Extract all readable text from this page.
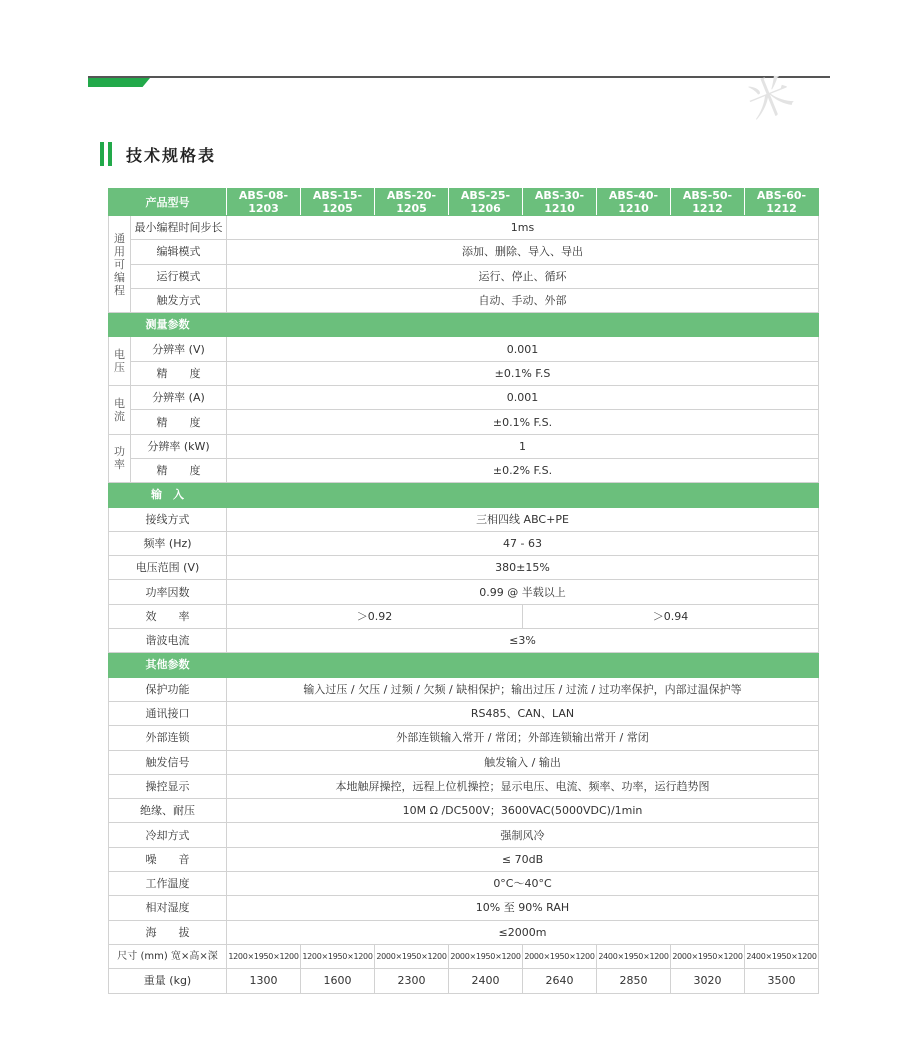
米
技术规格表
产品型号		ABS-08-1203	ABS-15-1205	ABS-20-1205	ABS-25-1206	ABS-30-1210	ABS-40-1210	ABS-50-1212	ABS-60-1212
通
用
可
编
程	最小编程时间步长	1ms							
	编辑模式	添加、删除、导入、导出							
	运行模式	运行、停止、循环							
	触发方式	自动、手动、外部							
测量参数									
电
压	分辨率 (V)	0.001							
	精　　度	±0.1% F.S							
电
流	分辨率 (A)	0.001							
	精　　度	±0.1% F.S.							
功
率	分辨率 (kW)	1							
	精　　度	±0.2% F.S.							
输　入									
接线方式		三相四线 ABC+PE							
频率 (Hz)		47 - 63							
电压范围 (V)		380±15%							
功率因数		0.99 @ 半载以上							
效　　率		＞0.92				＞0.94			
谐波电流		≤3%							
其他参数									
保护功能		输入过压 / 欠压 / 过频 / 欠频 / 缺相保护；输出过压 / 过流 / 过功率保护，内部过温保护等							
通讯接口		RS485、CAN、LAN							
外部连锁		外部连锁输入常开 / 常闭；外部连锁输出常开 / 常闭							
触发信号		触发输入 / 输出							
操控显示		本地触屏操控，远程上位机操控；显示电压、电流、频率、功率，运行趋势图							
绝缘、耐压		10M Ω /DC500V；3600VAC(5000VDC)/1min							
冷却方式		强制风冷							
噪　　音		≤ 70dB							
工作温度		0°C～40°C							
相对湿度		10% 至 90% RAH							
海　　拔		≤2000m							
尺寸 (mm) 宽×高×深		1200×1950×1200	1200×1950×1200	2000×1950×1200	2000×1950×1200	2000×1950×1200	2400×1950×1200	2000×1950×1200	2400×1950×1200
重量 (kg)		1300	1600	2300	2400	2640	2850	3020	3500
